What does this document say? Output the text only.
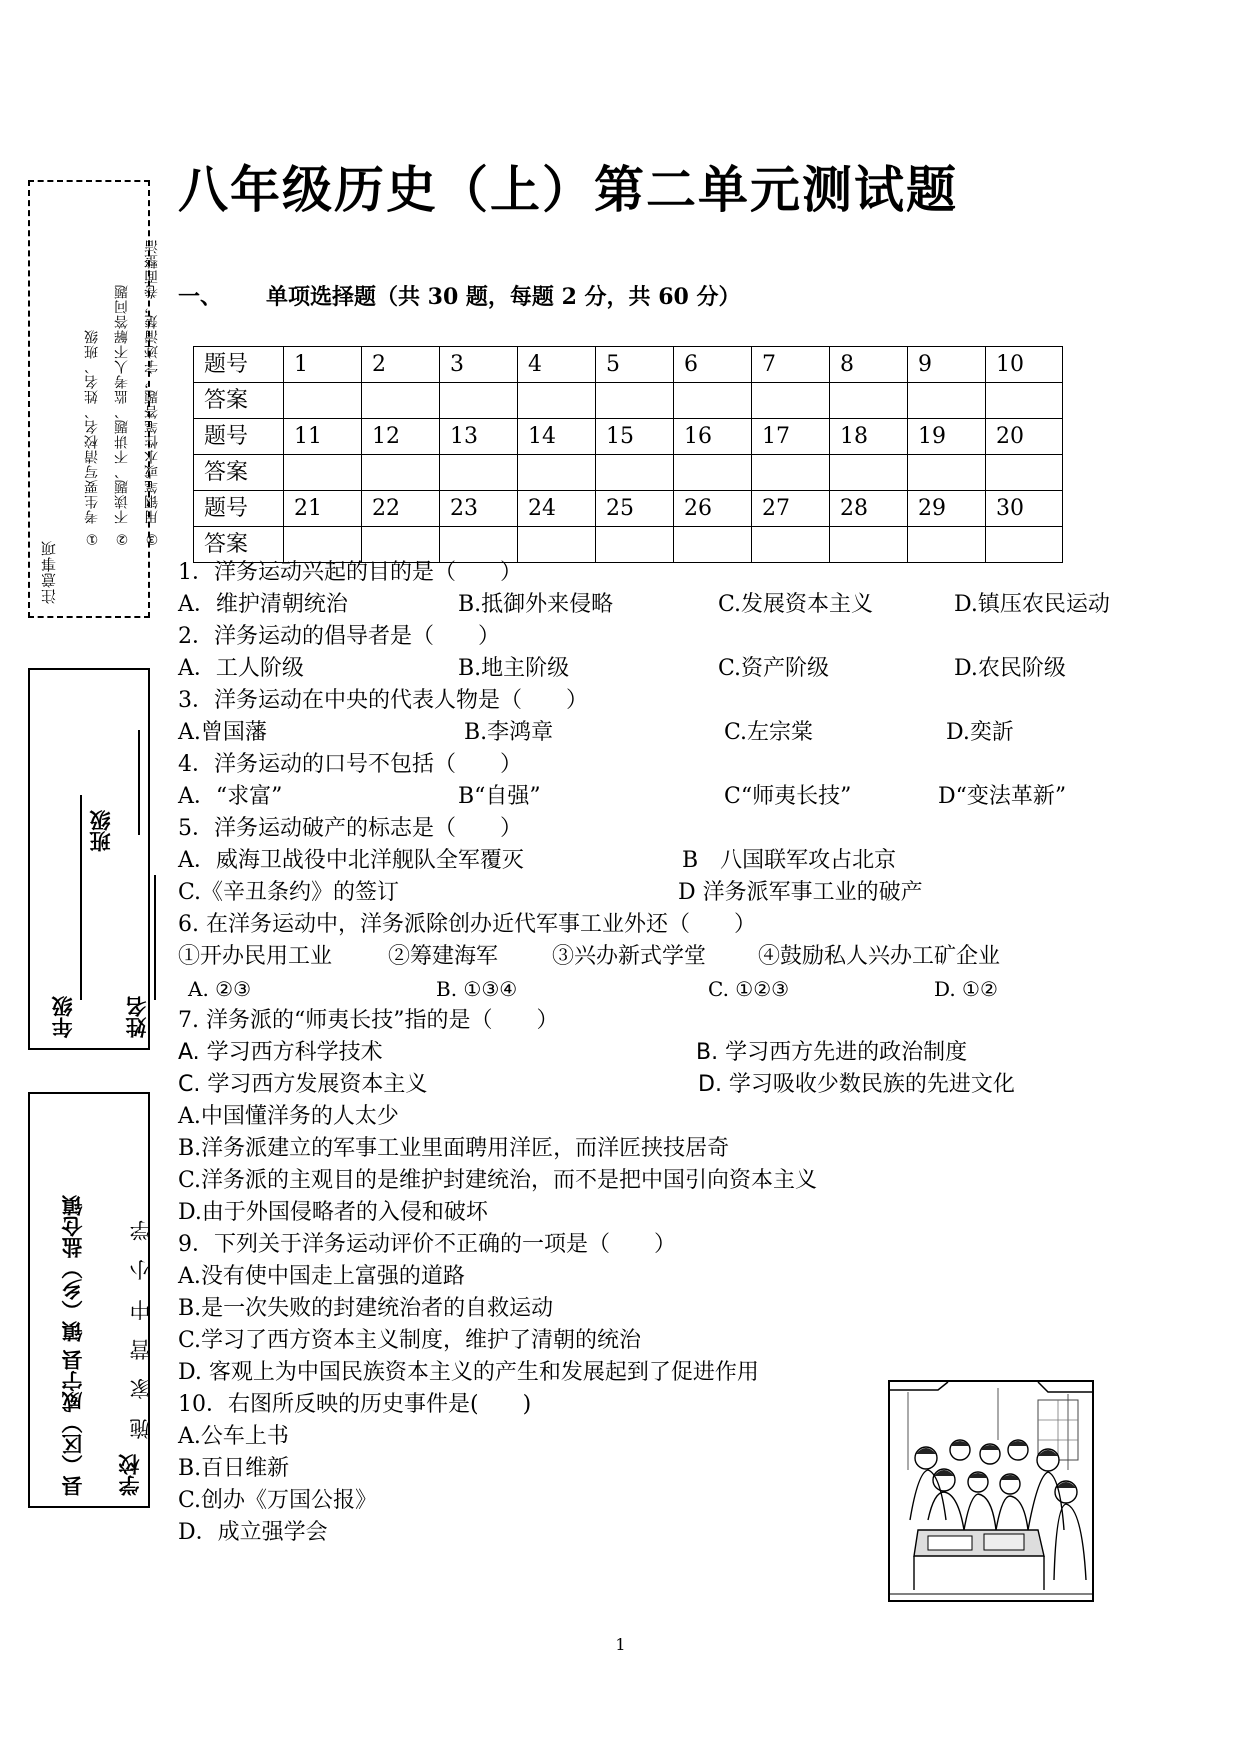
注意事项
① 考生要写清校名、姓名、班级 ② 不读题、不讲题、监考人不解答问题 ③ 用钢笔或水性笔答题，字迹清楚，卷面整洁
年级
班级
姓名
县（区）威宁县 镇（乡）盐仓镇 学校
施 家 营 中 小 学
八年级历史（上）第二单元测试题
一、 单项选择题（共 30 题，每题 2 分，共 60 分）
题号	1	2	3	4	5	6	7	8	9	10
答案										
题号	11	12	13	14	15	16	17	18	19	20
答案										
题号	21	22	23	24	25	26	27	28	29	30
答案										
1．洋务运动兴起的目的是（　　）
A．维护清朝统治	B.抵御外来侵略	C.发展资本主义	D.镇压农民运动
2．洋务运动的倡导者是（　　）
A．工人阶级	B.地主阶级	C.资产阶级	D.农民阶级
3．洋务运动在中央的代表人物是（　　）
A.曾国藩	B.李鸿章	C.左宗棠	D.奕訢
4．洋务运动的口号不包括（　　）
A．“求富”	B“自强”	C“师夷长技”	D“变法革新”
5．洋务运动破产的标志是（　　）
A．威海卫战役中北洋舰队全军覆灭	B　八国联军攻占北京
C.《辛丑条约》的签订	D 洋务派军事工业的破产
6. 在洋务运动中，洋务派除创办近代军事工业外还（　　）
①开办民用工业	②筹建海军 ③兴办新式学堂 ④鼓励私人兴办工矿企业
A. ②③	B. ①③④	C. ①②③	D. ①②
7. 洋务派的“师夷长技”指的是（　　）
A. 学习西方科学技术	B. 学习西方先进的政治制度
C. 学习西方发展资本主义	D. 学习吸收少数民族的先进文化
A.中国懂洋务的人太少
B.洋务派建立的军事工业里面聘用洋匠，而洋匠挟技居奇
C.洋务派的主观目的是维护封建统治，而不是把中国引向资本主义
D.由于外国侵略者的入侵和破坏
9．下列关于洋务运动评价不正确的一项是（　　）
A.没有使中国走上富强的道路
B.是一次失败的封建统治者的自救运动
C.学习了西方资本主义制度，维护了清朝的统治
D. 客观上为中国民族资本主义的产生和发展起到了促进作用
10．右图所反映的历史事件是(　　)
A.公车上书
B.百日维新
C.创办《万国公报》
D．成立强学会
1
